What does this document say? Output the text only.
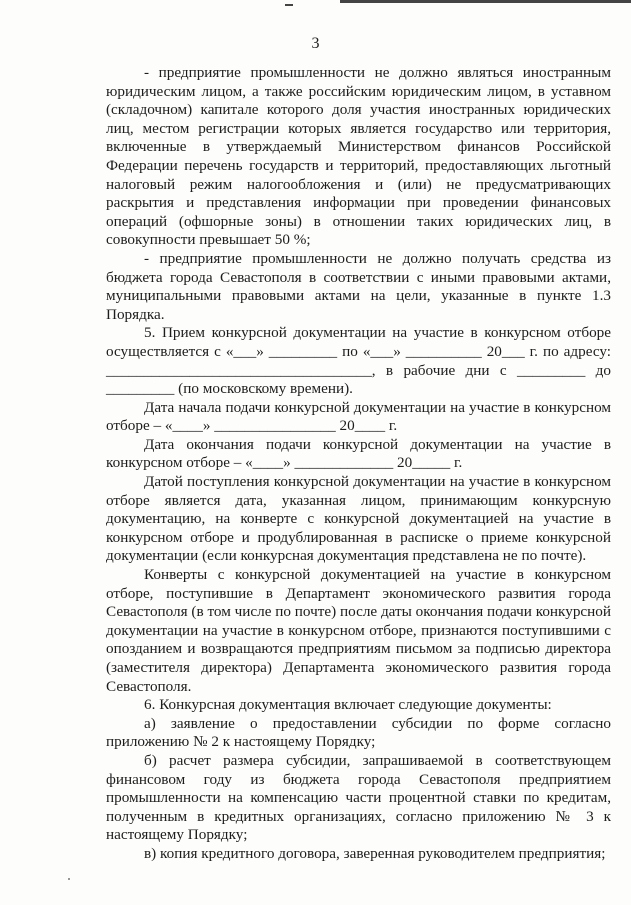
3

- предприятие промышленности не должно являться иностранным юридическим лицом, а также российским юридическим лицом, в уставном (складочном) капитале которого доля участия иностранных юридических лиц, местом регистрации которых является государство или территория, включенные в утверждаемый Министерством финансов Российской Федерации перечень государств и территорий, предоставляющих льготный налоговый режим налогообложения и (или) не предусматривающих раскрытия и представления информации при проведении финансовых операций (офшорные зоны) в отношении таких юридических лиц, в совокупности превышает 50 %;

- предприятие промышленности не должно получать средства из бюджета города Севастополя в соответствии с иными правовыми актами, муниципальными правовыми актами на цели, указанные в пункте 1.3 Порядка.

5. Прием конкурсной документации на участие в конкурсном отборе осуществляется с «___» _________ по «___» __________ 20___ г. по адресу: ___________________________________, в рабочие дни с _________ до _________ (по московскому времени).

Дата начала подачи конкурсной документации на участие в конкурсном отборе – «____» ________________ 20____ г.

Дата окончания подачи конкурсной документации на участие в конкурсном отборе – «____» _____________ 20_____ г.

Датой поступления конкурсной документации на участие в конкурсном отборе является дата, указанная лицом, принимающим конкурсную документацию, на конверте с конкурсной документацией на участие в конкурсном отборе и продублированная в расписке о приеме конкурсной документации (если конкурсная документация представлена не по почте).

Конверты с конкурсной документацией на участие в конкурсном отборе, поступившие в Департамент экономического развития города Севастополя (в том числе по почте) после даты окончания подачи конкурсной документации на участие в конкурсном отборе, признаются поступившими с опозданием и возвращаются предприятиям письмом за подписью директора (заместителя директора) Департамента экономического развития города Севастополя.

6. Конкурсная документация включает следующие документы:

а) заявление о предоставлении субсидии по форме согласно приложению № 2 к настоящему Порядку;

б) расчет размера субсидии, запрашиваемой в соответствующем финансовом году из бюджета города Севастополя предприятием промышленности на компенсацию части процентной ставки по кредитам, полученным в кредитных организациях, согласно приложению № 3 к настоящему Порядку;

в) копия кредитного договора, заверенная руководителем предприятия;
